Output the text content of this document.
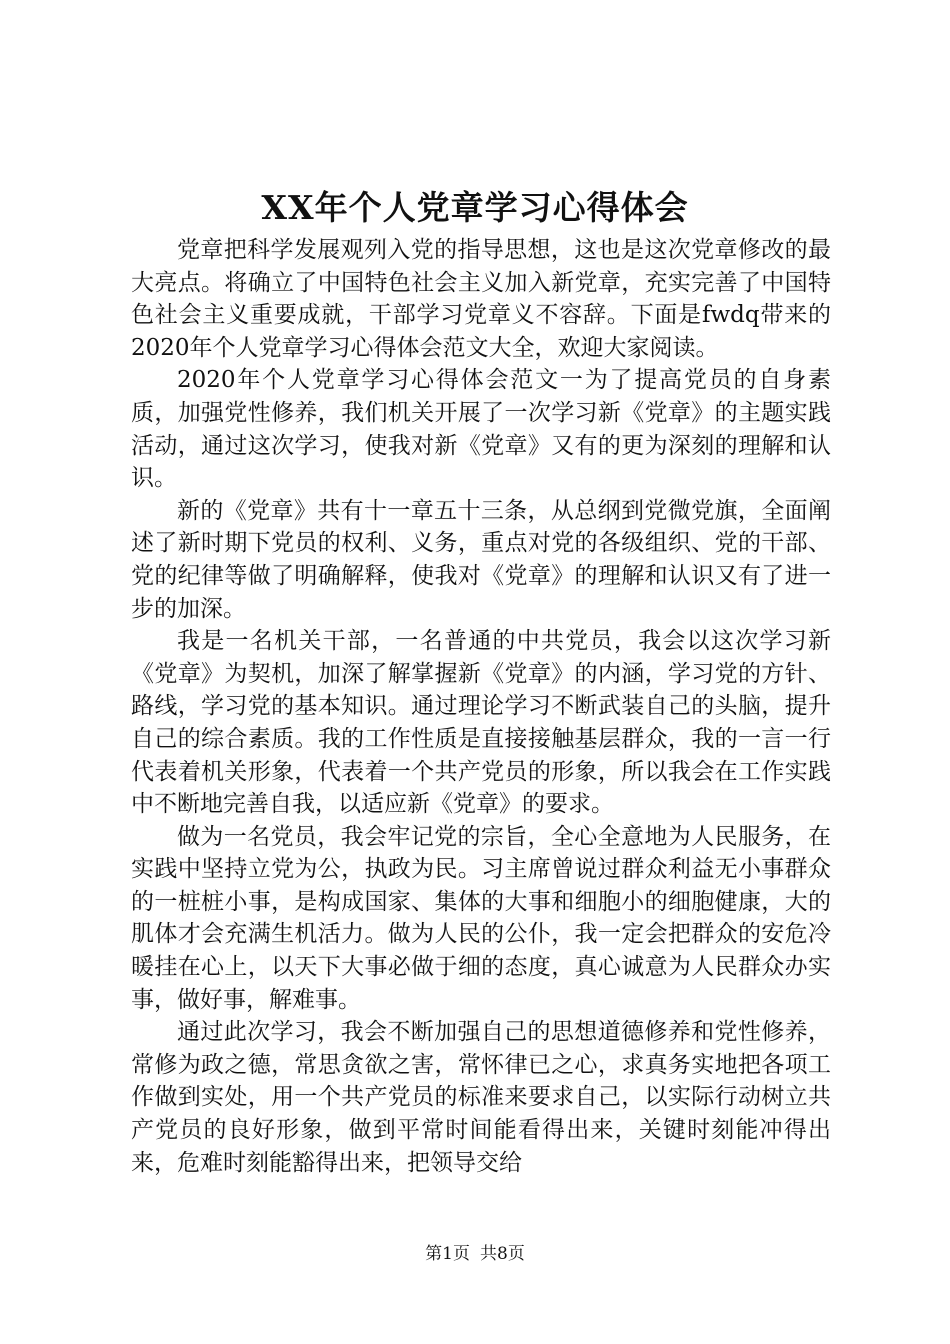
XX年个人党章学习心得体会

党章把科学发展观列入党的指导思想，这也是这次党章修改的最大亮点。将确立了中国特色社会主义加入新党章，充实完善了中国特色社会主义重要成就，干部学习党章义不容辞。下面是fwdq带来的2020年个人党章学习心得体会范文大全，欢迎大家阅读。

2020年个人党章学习心得体会范文一为了提高党员的自身素质，加强党性修养，我们机关开展了一次学习新《党章》的主题实践活动，通过这次学习，使我对新《党章》又有的更为深刻的理解和认识。

新的《党章》共有十一章五十三条，从总纲到党微党旗，全面阐述了新时期下党员的权利、义务，重点对党的各级组织、党的干部、党的纪律等做了明确解释，使我对《党章》的理解和认识又有了进一步的加深。

我是一名机关干部，一名普通的中共党员，我会以这次学习新《党章》为契机，加深了解掌握新《党章》的内涵，学习党的方针、路线，学习党的基本知识。通过理论学习不断武装自己的头脑，提升自己的综合素质。我的工作性质是直接接触基层群众，我的一言一行代表着机关形象，代表着一个共产党员的形象，所以我会在工作实践中不断地完善自我，以适应新《党章》的要求。

做为一名党员，我会牢记党的宗旨，全心全意地为人民服务，在实践中坚持立党为公，执政为民。习主席曾说过群众利益无小事群众的一桩桩小事，是构成国家、集体的大事和细胞小的细胞健康，大的肌体才会充满生机活力。做为人民的公仆，我一定会把群众的安危冷暖挂在心上，以天下大事必做于细的态度，真心诚意为人民群众办实事，做好事，解难事。

通过此次学习，我会不断加强自己的思想道德修养和党性修养，常修为政之德，常思贪欲之害，常怀律已之心，求真务实地把各项工作做到实处，用一个共产党员的标准来要求自己，以实际行动树立共产党员的良好形象，做到平常时间能看得出来，关键时刻能冲得出来，危难时刻能豁得出来，把领导交给

第1页 共8页
